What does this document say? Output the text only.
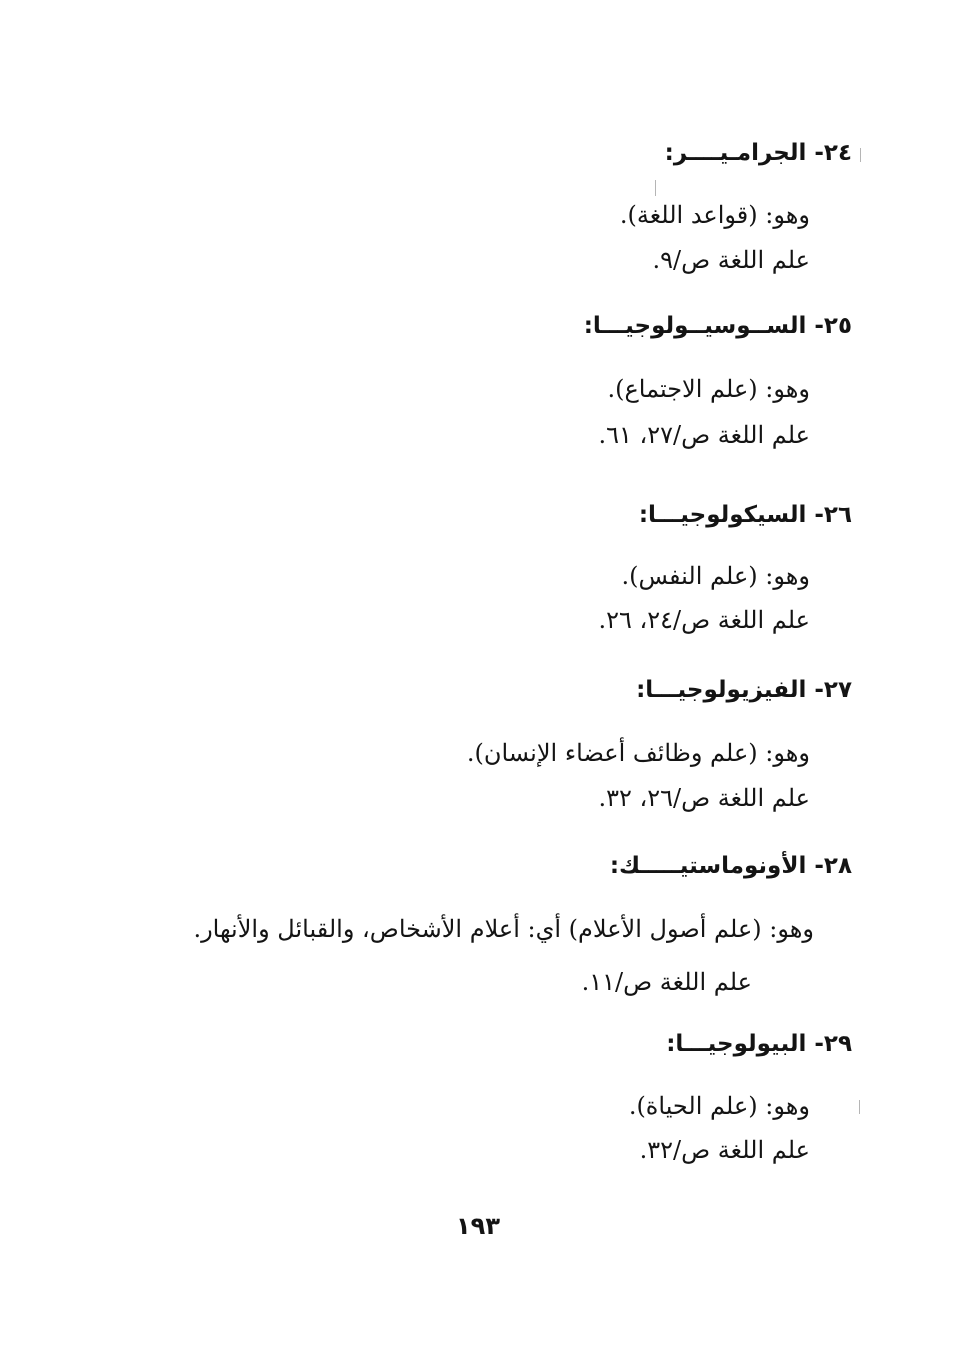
٢٤- الجرامـيــــر:
وهو: (قواعد اللغة).
علم اللغة ص/٩.
٢٥- الســوسيــولوجيـــا:
وهو: (علم الاجتماع).
علم اللغة ص/٢٧، ٦١.
٢٦- السيكولوجيـــا:
وهو: (علم النفس).
علم اللغة ص/٢٤، ٢٦.
٢٧- الفيزيولوجيـــا:
وهو: (علم وظائف أعضاء الإنسان).
علم اللغة ص/٢٦، ٣٢.
٢٨- الأونوماستيـــــك:
وهو: (علم أصول الأعلام) أي: أعلام الأشخاص، والقبائل والأنهار.
علم اللغة ص/١١.
٢٩- البيولوجيـــا:
وهو: (علم الحياة).
علم اللغة ص/٣٢.
١٩٣
